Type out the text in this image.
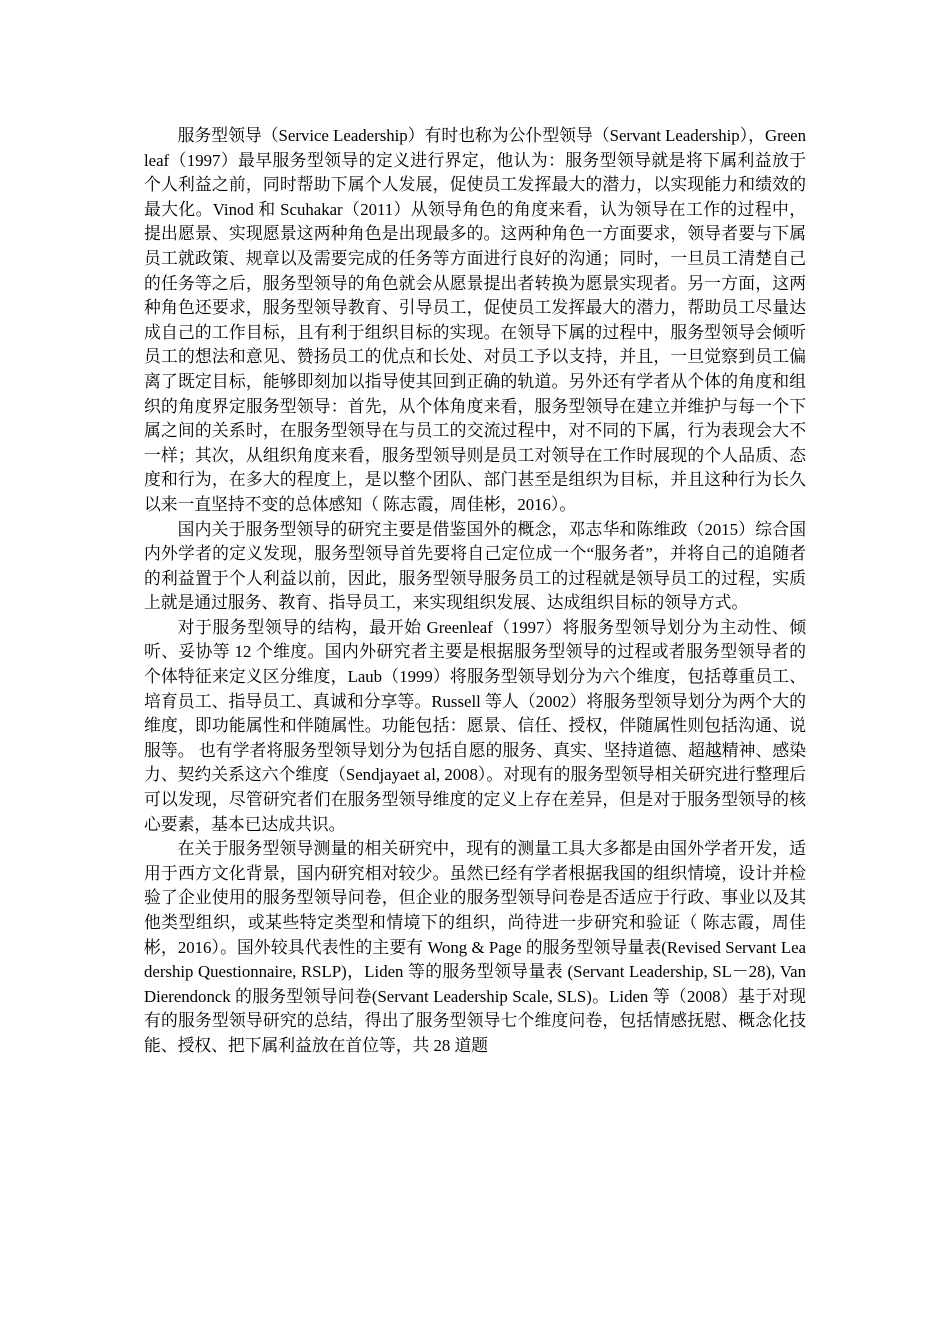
服务型领导（Service Leadership）有时也称为公仆型领导（Servant Leadership），Greenleaf（1997）最早服务型领导的定义进行界定，他认为：服务型领导就是将下属利益放于个人利益之前，同时帮助下属个人发展，促使员工发挥最大的潜力，以实现能力和绩效的最大化。Vinod 和 Scuhakar（2011）从领导角色的角度来看，认为领导在工作的过程中，提出愿景、实现愿景这两种角色是出现最多的。这两种角色一方面要求，领导者要与下属员工就政策、规章以及需要完成的任务等方面进行良好的沟通；同时，一旦员工清楚自己的任务等之后，服务型领导的角色就会从愿景提出者转换为愿景实现者。另一方面，这两种角色还要求，服务型领导教育、引导员工，促使员工发挥最大的潜力，帮助员工尽量达成自己的工作目标，且有利于组织目标的实现。在领导下属的过程中，服务型领导会倾听员工的想法和意见、赞扬员工的优点和长处、对员工予以支持，并且，一旦觉察到员工偏离了既定目标，能够即刻加以指导使其回到正确的轨道。另外还有学者从个体的角度和组织的角度界定服务型领导：首先，从个体角度来看，服务型领导在建立并维护与每一个下属之间的关系时，在服务型领导在与员工的交流过程中，对不同的下属，行为表现会大不一样；其次，从组织角度来看，服务型领导则是员工对领导在工作时展现的个人品质、态度和行为，在多大的程度上，是以整个团队、部门甚至是组织为目标，并且这种行为长久以来一直坚持不变的总体感知（ 陈志霞，周佳彬，2016）。

国内关于服务型领导的研究主要是借鉴国外的概念，邓志华和陈维政（2015）综合国内外学者的定义发现，服务型领导首先要将自己定位成一个“服务者”，并将自己的追随者的利益置于个人利益以前，因此，服务型领导服务员工的过程就是领导员工的过程，实质上就是通过服务、教育、指导员工，来实现组织发展、达成组织目标的领导方式。

对于服务型领导的结构，最开始 Greenleaf（1997）将服务型领导划分为主动性、倾听、妥协等 12 个维度。国内外研究者主要是根据服务型领导的过程或者服务型领导者的个体特征来定义区分维度，Laub（1999）将服务型领导划分为六个维度，包括尊重员工、培育员工、指导员工、真诚和分享等。Russell 等人（2002）将服务型领导划分为两个大的维度，即功能属性和伴随属性。功能包括：愿景、信任、授权，伴随属性则包括沟通、说服等。 也有学者将服务型领导划分为包括自愿的服务、真实、坚持道德、超越精神、感染力、契约关系这六个维度（Sendjayaet al, 2008）。对现有的服务型领导相关研究进行整理后可以发现，尽管研究者们在服务型领导维度的定义上存在差异，但是对于服务型领导的核心要素，基本已达成共识。

在关于服务型领导测量的相关研究中，现有的测量工具大多都是由国外学者开发，适用于西方文化背景，国内研究相对较少。虽然已经有学者根据我国的组织情境，设计并检验了企业使用的服务型领导问卷，但企业的服务型领导问卷是否适应于行政、事业以及其他类型组织，或某些特定类型和情境下的组织，尚待进一步研究和验证（ 陈志霞，周佳彬，2016）。国外较具代表性的主要有 Wong & Page 的服务型领导量表(Revised Servant Leadership Questionnaire, RSLP)，Liden 等的服务型领导量表 (Servant Leadership, SL－28), Van Dierendonck 的服务型领导问卷(Servant Leadership Scale, SLS)。Liden 等（2008）基于对现有的服务型领导研究的总结，得出了服务型领导七个维度问卷，包括情感抚慰、概念化技能、授权、把下属利益放在首位等，共 28 道题
